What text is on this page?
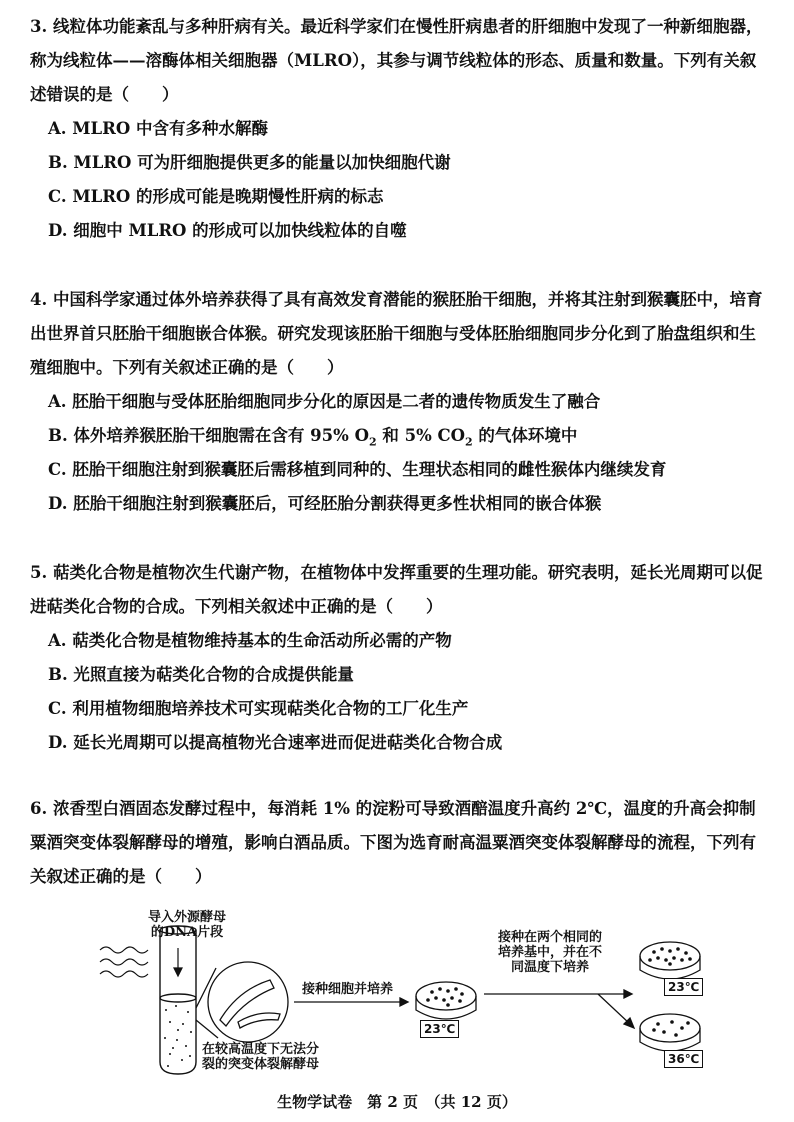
3. 线粒体功能紊乱与多种肝病有关。最近科学家们在慢性肝病患者的肝细胞中发现了一种新细胞器，称为线粒体——溶酶体相关细胞器（MLRO），其参与调节线粒体的形态、质量和数量。下列有关叙述错误的是（　　）

A. MLRO 中含有多种水解酶

B. MLRO 可为肝细胞提供更多的能量以加快细胞代谢

C. MLRO 的形成可能是晚期慢性肝病的标志

D. 细胞中 MLRO 的形成可以加快线粒体的自噬

4. 中国科学家通过体外培养获得了具有高效发育潜能的猴胚胎干细胞，并将其注射到猴囊胚中，培育出世界首只胚胎干细胞嵌合体猴。研究发现该胚胎干细胞与受体胚胎细胞同步分化到了胎盘组织和生殖细胞中。下列有关叙述正确的是（　　）

A. 胚胎干细胞与受体胚胎细胞同步分化的原因是二者的遗传物质发生了融合

B. 体外培养猴胚胎干细胞需在含有 95% $O_2$ 和 5% $CO_2$ 的气体环境中

C. 胚胎干细胞注射到猴囊胚后需移植到同种的、生理状态相同的雌性猴体内继续发育

D. 胚胎干细胞注射到猴囊胚后，可经胚胎分割获得更多性状相同的嵌合体猴

5. 萜类化合物是植物次生代谢产物，在植物体中发挥重要的生理功能。研究表明，延长光周期可以促进萜类化合物的合成。下列相关叙述中正确的是（　　）

A. 萜类化合物是植物维持基本的生命活动所必需的产物

B. 光照直接为萜类化合物的合成提供能量

C. 利用植物细胞培养技术可实现萜类化合物的工厂化生产

D. 延长光周期可以提高植物光合速率进而促进萜类化合物合成

6. 浓香型白酒固态发酵过程中，每消耗 1% 的淀粉可导致酒醅温度升高约 2℃，温度的升高会抑制粟酒突变体裂解酵母的增殖，影响白酒品质。下图为选育耐高温粟酒突变体裂解酵母的流程，下列有关叙述正确的是（　　）

导入外源酵母
的DNA片段
在较高温度下无法分
裂的突变体裂解酵母
接种细胞并培养
接种在两个相同的
培养基中，并在不
同温度下培养
23℃
23℃
36℃
生物学试卷　第 2 页　（共 12 页）
